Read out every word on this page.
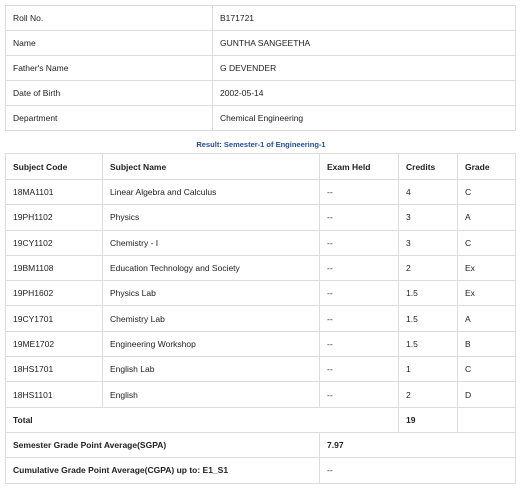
Roll No.	B171721
Name	GUNTHA SANGEETHA
Father's Name	G DEVENDER
Date of Birth	2002-05-14
Department	Chemical Engineering
Result: Semester-1 of Engineering-1
Subject Code	Subject Name	Exam Held	Credits	Grade
18MA1101	Linear Algebra and Calculus	--	4	C
19PH1102	Physics	--	3	A
19CY1102	Chemistry - I	--	3	C
19BM1108	Education Technology and Society	--	2	Ex
19PH1602	Physics Lab	--	1.5	Ex
19CY1701	Chemistry Lab	--	1.5	A
19ME1702	Engineering Workshop	--	1.5	B
18HS1701	English Lab	--	1	C
18HS1101	English	--	2	D
Total			19	
Semester Grade Point Average(SGPA)		7.97		
Cumulative Grade Point Average(CGPA) up to: E1_S1		--		
